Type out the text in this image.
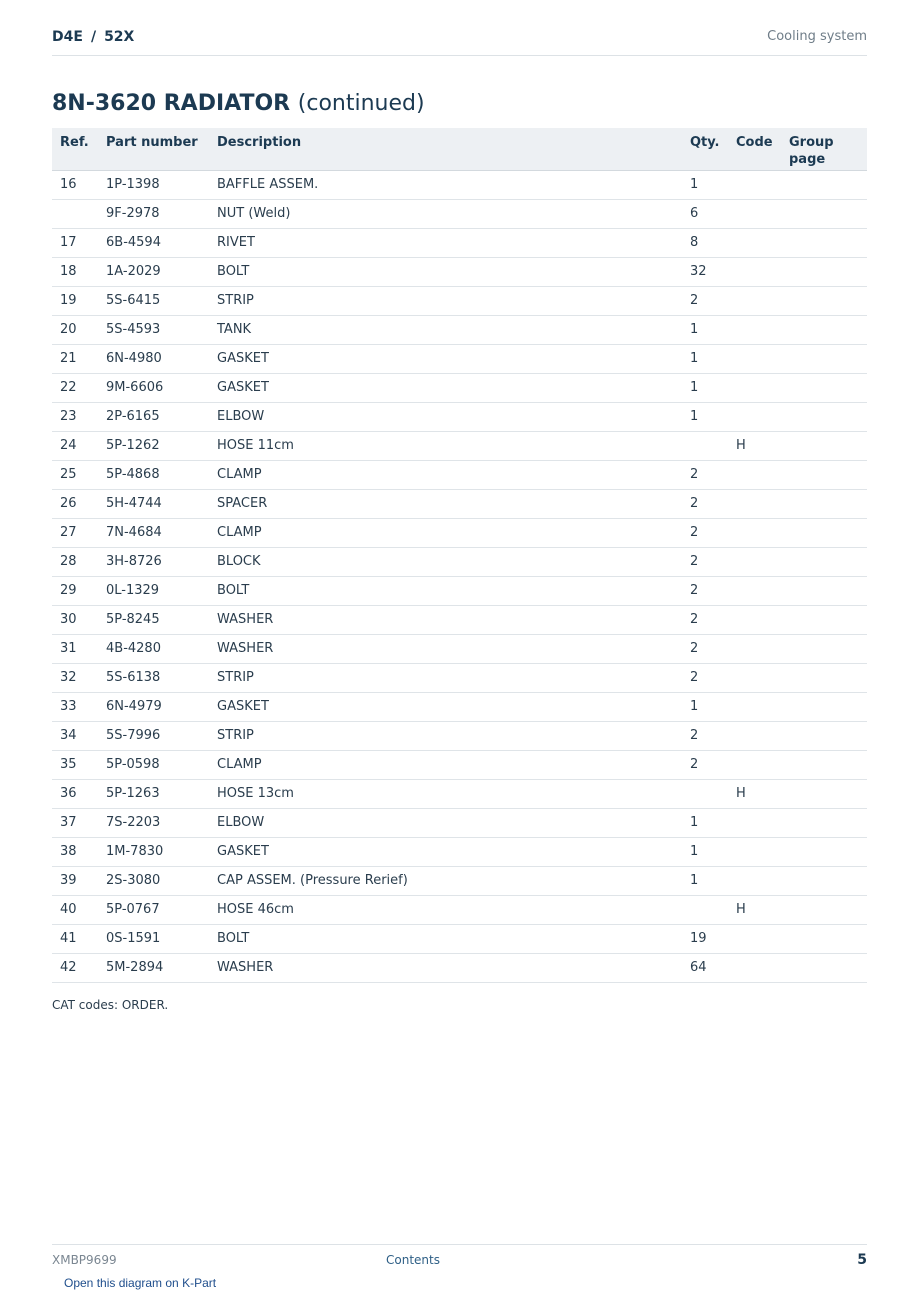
D4E / 52X	Cooling system
8N-3620 RADIATOR (continued)
Ref.	Part number	Description	Qty.	Code	Group page
16	1P-1398	BAFFLE ASSEM.	1		
	9F-2978	NUT (Weld)	6		
17	6B-4594	RIVET	8		
18	1A-2029	BOLT	32		
19	5S-6415	STRIP	2		
20	5S-4593	TANK	1		
21	6N-4980	GASKET	1		
22	9M-6606	GASKET	1		
23	2P-6165	ELBOW	1		
24	5P-1262	HOSE 11cm		H	
25	5P-4868	CLAMP	2		
26	5H-4744	SPACER	2		
27	7N-4684	CLAMP	2		
28	3H-8726	BLOCK	2		
29	0L-1329	BOLT	2		
30	5P-8245	WASHER	2		
31	4B-4280	WASHER	2		
32	5S-6138	STRIP	2		
33	6N-4979	GASKET	1		
34	5S-7996	STRIP	2		
35	5P-0598	CLAMP	2		
36	5P-1263	HOSE 13cm		H	
37	7S-2203	ELBOW	1		
38	1M-7830	GASKET	1		
39	2S-3080	CAP ASSEM. (Pressure Rerief)	1		
40	5P-0767	HOSE 46cm		H	
41	0S-1591	BOLT	19		
42	5M-2894	WASHER	64		
CAT codes: ORDER.
XMBP9699	Contents	5
Open this diagram on K-Part
